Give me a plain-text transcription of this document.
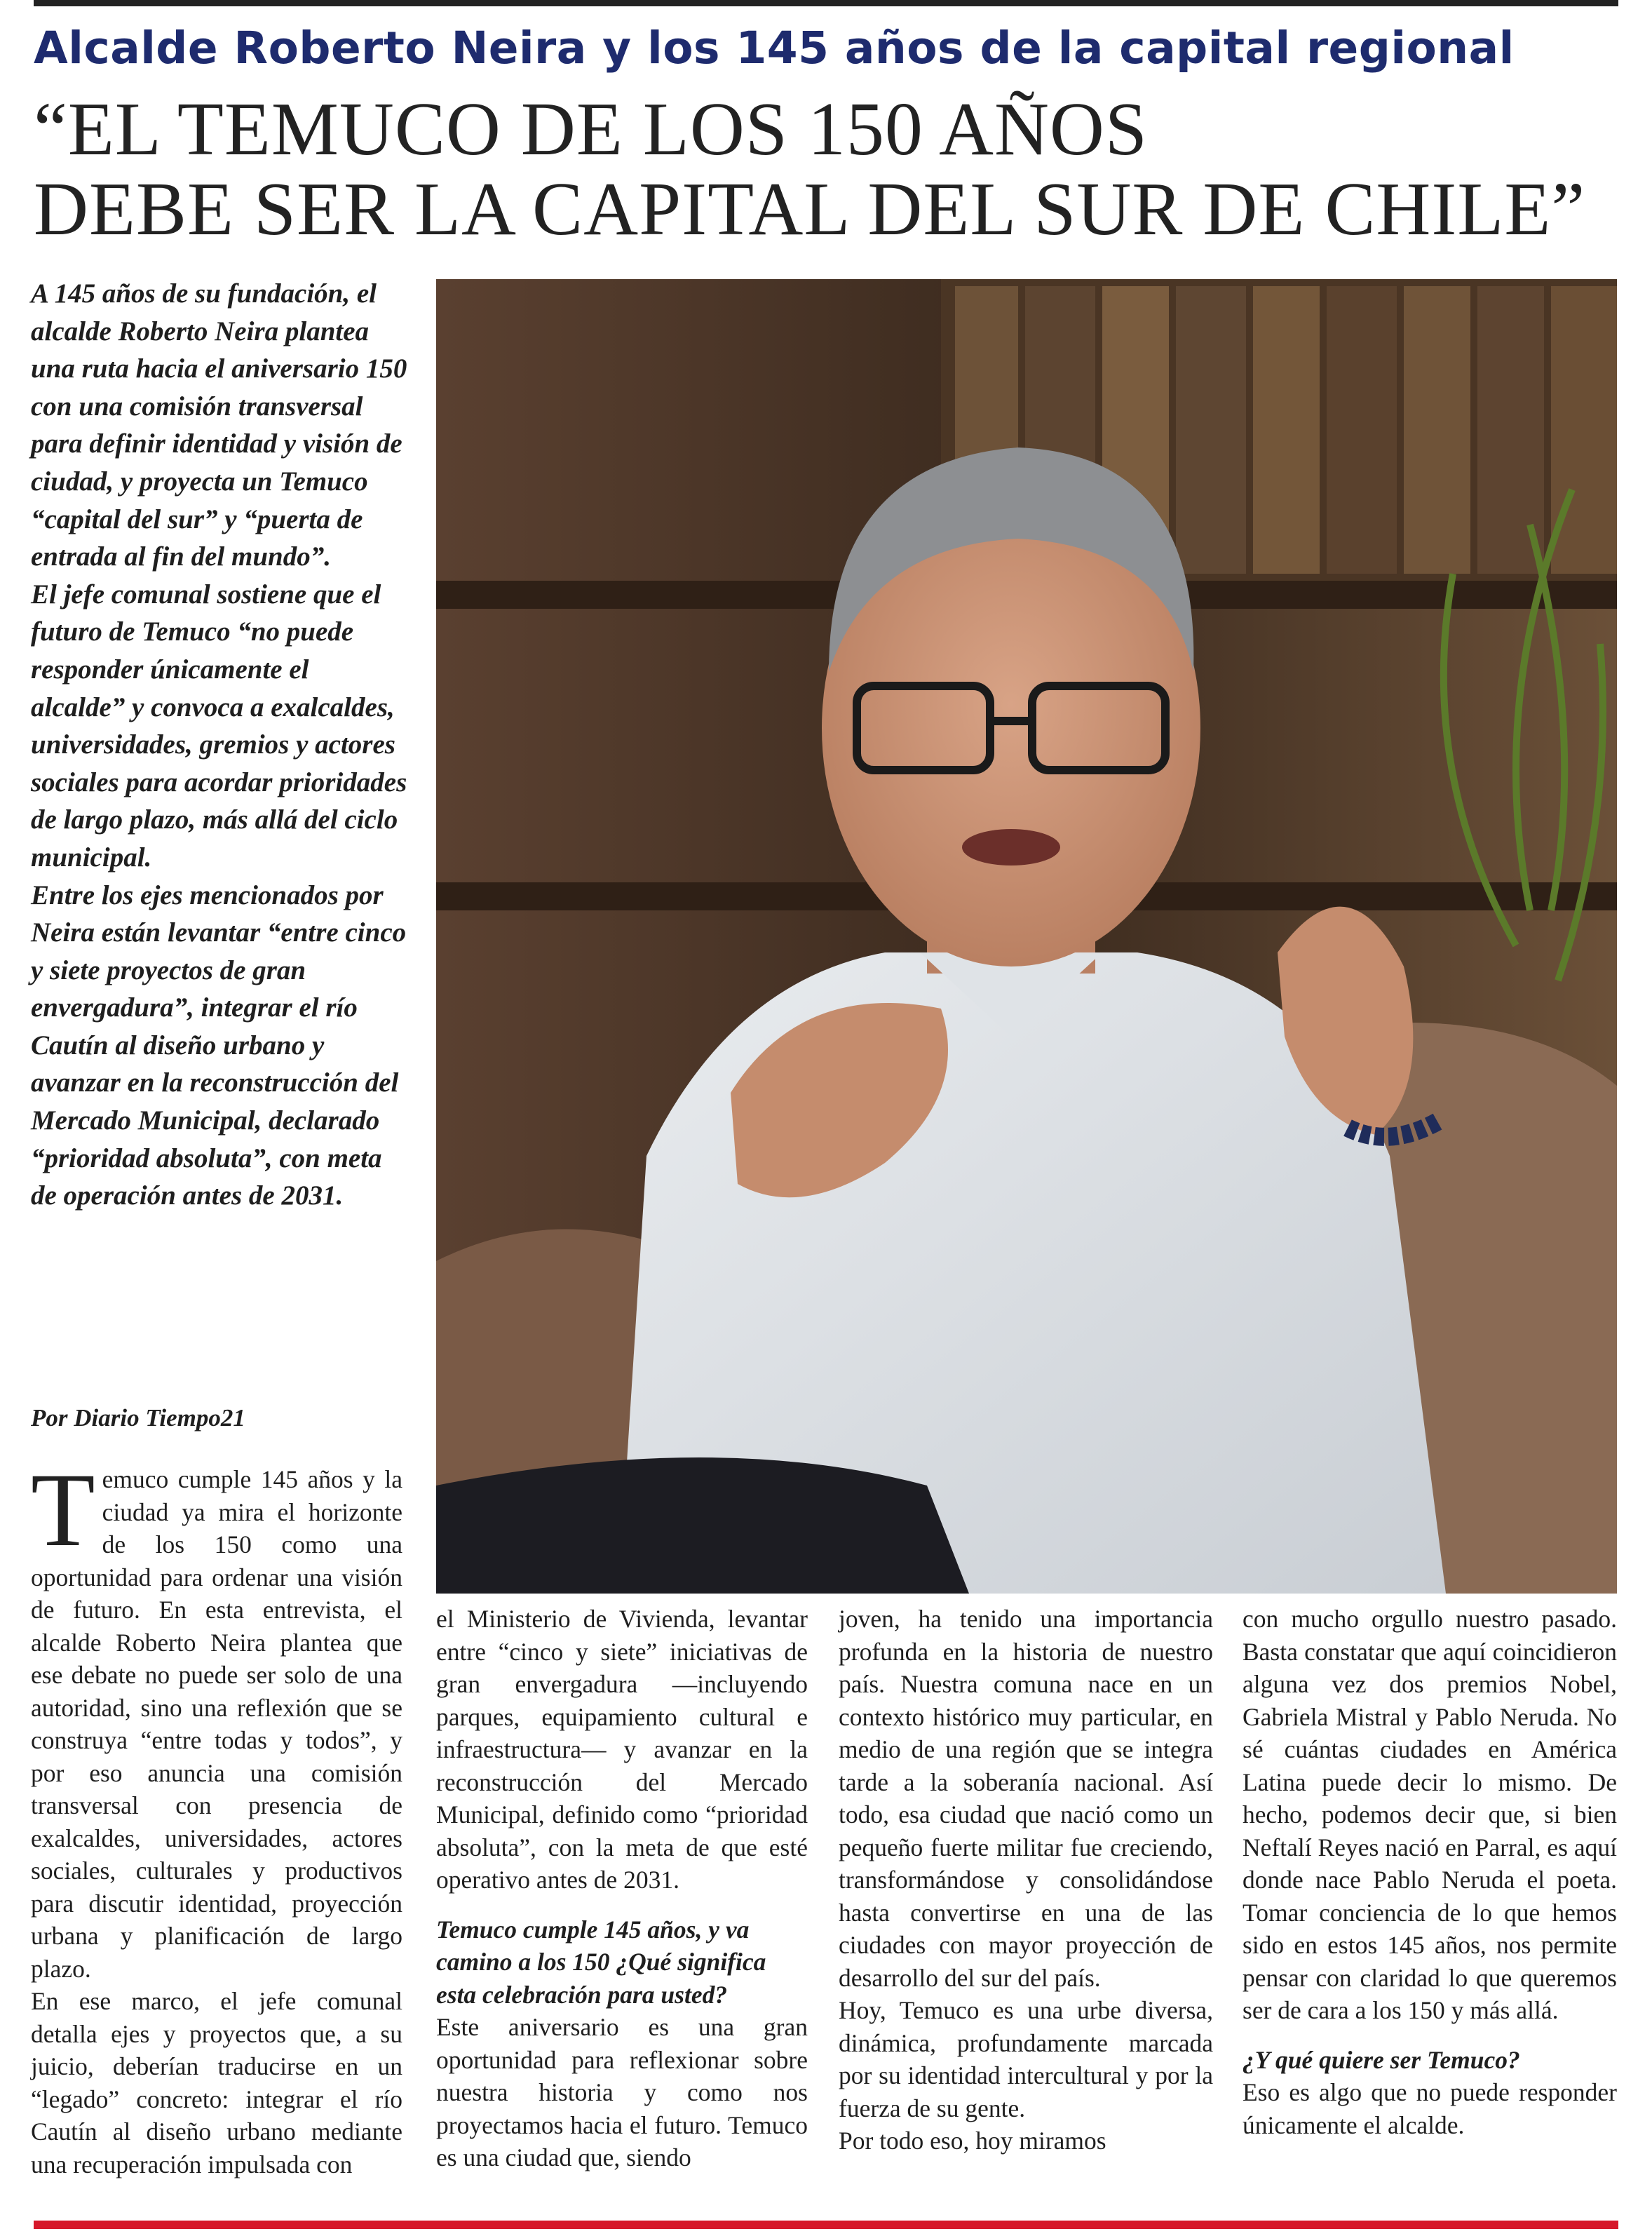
Alcalde Roberto Neira y los 145 años de la capital regional
“EL TEMUCO DE LOS 150 AÑOS
DEBE SER LA CAPITAL DEL SUR DE CHILE”

A 145 años de su fundación, el alcalde Roberto Neira plantea una ruta hacia el aniversario 150 con una comisión transversal para definir identidad y visión de ciudad, y proyecta un Temuco “capital del sur” y “puerta de entrada al fin del mundo”.

El jefe comunal sostiene que el futuro de Temuco “no puede responder únicamente el alcalde” y convoca a exalcaldes, universidades, gremios y actores sociales para acordar prioridades de largo plazo, más allá del ciclo municipal.

Entre los ejes mencionados por Neira están levantar “entre cinco y siete proyectos de gran envergadura”, integrar el río Cautín al diseño urbano y avanzar en la reconstrucción del Mercado Municipal, declarado “prioridad absoluta”, con meta de operación antes de 2031.

Por Diario Tiempo21
T emuco cumple 145 años y la ciudad ya mira el horizonte de los 150 como una oportunidad para ordenar una visión de futuro. En esta entrevista, el alcalde Roberto Neira plantea que ese debate no puede ser solo de una autoridad, sino una reflexión que se construya “entre todas y todos”, y por eso anuncia una comisión transversal con presencia de exalcaldes, universidades, actores sociales, culturales y productivos para discutir identidad, proyección urbana y planificación de largo plazo.

En ese marco, el jefe comunal detalla ejes y proyectos que, a su juicio, deberían traducirse en un “legado” concreto: integrar el río Cautín al diseño urbano mediante una recuperación impulsada con

el Ministerio de Vivienda, levantar entre “cinco y siete” iniciativas de gran envergadura —incluyendo parques, equipamiento cultural e infraestructura— y avanzar en la reconstrucción del Mercado Municipal, definido como “prioridad absoluta”, con la meta de que esté operativo antes de 2031.

Temuco cumple 145 años, y va camino a los 150 ¿Qué significa esta celebración para usted?

Este aniversario es una gran oportunidad para reflexionar sobre nuestra historia y como nos proyectamos hacia el futuro. Temuco es una ciudad que, siendo

joven, ha tenido una importancia profunda en la historia de nuestro país. Nuestra comuna nace en un contexto histórico muy particular, en medio de una región que se integra tarde a la soberanía nacional. Así todo, esa ciudad que nació como un pequeño fuerte militar fue creciendo, transformándose y consolidándose hasta convertirse en una de las ciudades con mayor proyección de desarrollo del sur del país.

Hoy, Temuco es una urbe diversa, dinámica, profundamente marcada por su identidad intercultural y por la fuerza de su gente.

Por todo eso, hoy miramos

con mucho orgullo nuestro pasado. Basta constatar que aquí coincidieron alguna vez dos premios Nobel, Gabriela Mistral y Pablo Neruda. No sé cuántas ciudades en América Latina puede decir lo mismo. De hecho, podemos decir que, si bien Neftalí Reyes nació en Parral, es aquí donde nace Pablo Neruda el poeta. Tomar conciencia de lo que hemos sido en estos 145 años, nos permite pensar con claridad lo que queremos ser de cara a los 150 y más allá.

¿Y qué quiere ser Temuco?

Eso es algo que no puede responder únicamente el alcalde.
